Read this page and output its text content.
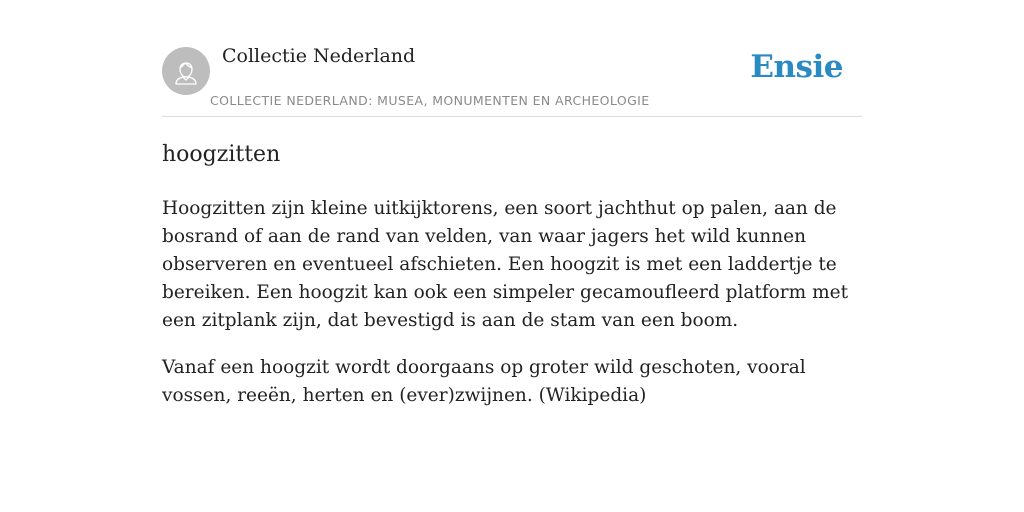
Collectie Nederland
COLLECTIE NEDERLAND: MUSEA, MONUMENTEN EN ARCHEOLOGIE
Ensie
hoogzitten

Hoogzitten zijn kleine uitkijktorens, een soort jachthut op palen, aan de bosrand of aan de rand van velden, van waar jagers het wild kunnen observeren en eventueel afschieten. Een hoogzit is met een laddertje te bereiken. Een hoogzit kan ook een simpeler gecamoufleerd platform met een zitplank zijn, dat bevestigd is aan de stam van een boom.

Vanaf een hoogzit wordt doorgaans op groter wild geschoten, vooral vossen, reeën, herten en (ever)zwijnen. (Wikipedia)
